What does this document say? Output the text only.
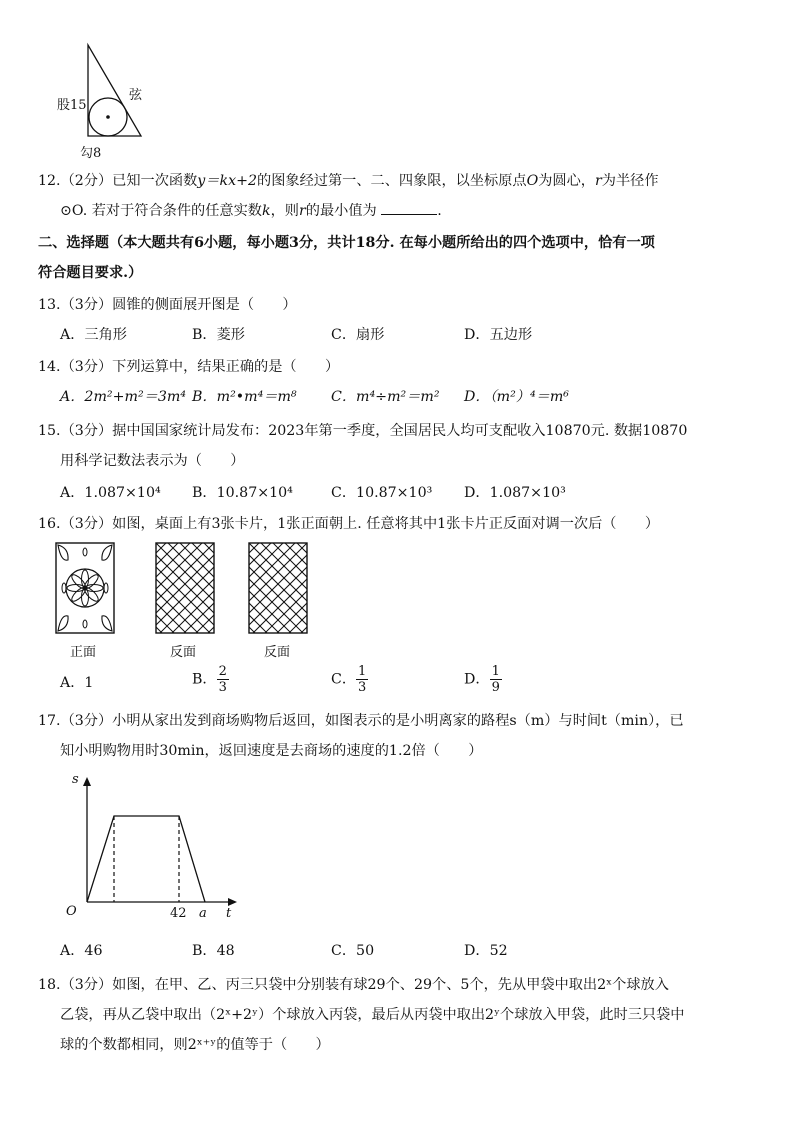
股15
弦
勾8
12.（2分）已知一次函数y＝kx+2的图象经过第一、二、四象限，以坐标原点O为圆心，r为半径作
⊙O. 若对于符合条件的任意实数k，则r的最小值为	.
二、选择题（本大题共有6小题，每小题3分，共计18分. 在每小题所给出的四个选项中，恰有一项
符合题目要求.）
13.（3分）圆锥的侧面展开图是（　　）
A．三角形	B．菱形	C．扇形	D．五边形
14.（3分）下列运算中，结果正确的是（　　）
A．2m²+m²＝3m⁴ B．m²•m⁴＝m⁸ C．m⁴÷m²＝m² D．（m²）⁴＝m⁶
15.（3分）据中国国家统计局发布：2023年第一季度，全国居民人均可支配收入10870元. 数据10870
用科学记数法表示为（　　）
A．1.087×10⁴ B．10.87×10⁴	C．10.87×10³ D．1.087×10³
16.（3分）如图，桌面上有3张卡片，1张正面朝上. 任意将其中1张卡片正反面对调一次后（　　）
正面	反面	反面
A．1	B． $\frac{2}{3}$	C． $\frac{1}{3}$	D． $\frac{1}{9}$
17.（3分）小明从家出发到商场购物后返回，如图表示的是小明离家的路程s（m）与时间t（min），已
知小明购物用时30min，返回速度是去商场的速度的1.2倍（　　）
s
t
O	42 a
A．46	B．48	C．50	D．52
18.（3分）如图，在甲、乙、丙三只袋中分别装有球29个、29个、5个，先从甲袋中取出2ˣ个球放入
乙袋，再从乙袋中取出（2ˣ+2ʸ）个球放入丙袋，最后从丙袋中取出2ʸ个球放入甲袋，此时三只袋中
球的个数都相同，则2ˣ⁺ʸ的值等于（　　）
